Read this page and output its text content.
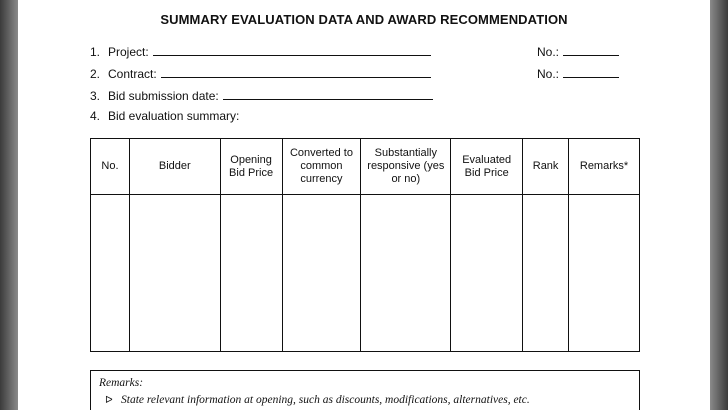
SUMMARY EVALUATION DATA AND AWARD RECOMMENDATION
1. Project:	No.:
2. Contract:	No.:
3. Bid submission date:
4. Bid evaluation summary:
No.	Bidder	Opening Bid Price	Converted to common currency	Substantially responsive (yes or no)	Evaluated Bid Price	Rank	Remarks*

Remarks:
ᐅ State relevant information at opening, such as discounts, modifications, alternatives, etc.
